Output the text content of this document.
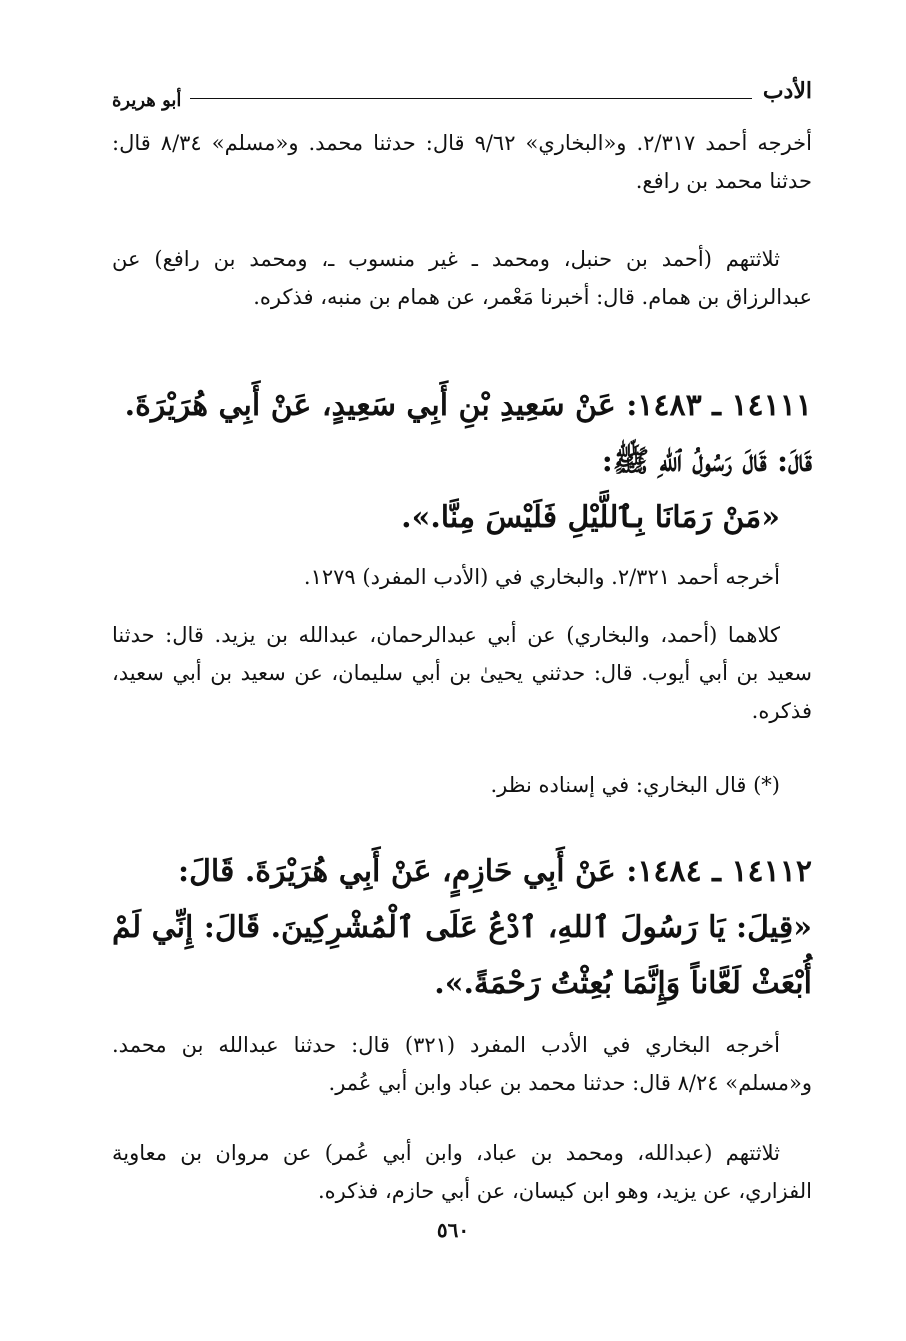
الأدب
أبو هريرة

أخرجه أحمد ٢/٣١٧. و«البخاري» ٩/٦٢ قال: حدثنا محمد. و«مسلم» ٨/٣٤ قال: حدثنا محمد بن رافع.

ثلاثتهم (أحمد بن حنبل، ومحمد ـ غير منسوب ـ، ومحمد بن رافع) عن عبدالرزاق بن همام. قال: أخبرنا مَعْمر، عن همام بن منبه، فذكره.

١٤١١١ ـ ١٤٨٣: عَنْ سَعِيدِ بْنِ أَبِي سَعِيدٍ، عَنْ أَبِي هُرَيْرَةَ.
قَالَ: قَالَ رَسُولُ ٱللهِ ﷺ:
«مَنْ رَمَانَا بِٱللَّيْلِ فَلَيْسَ مِنَّا.».

أخرجه أحمد ٢/٣٢١. والبخاري في (الأدب المفرد) ١٢٧٩.

كلاهما (أحمد، والبخاري) عن أبي عبدالرحمان، عبدالله بن يزيد. قال: حدثنا سعيد بن أبي أيوب. قال: حدثني يحيىٰ بن أبي سليمان، عن سعيد بن أبي سعيد، فذكره.

(*) قال البخاري: في إسناده نظر.

١٤١١٢ ـ ١٤٨٤: عَنْ أَبِي حَازِمٍ، عَنْ أَبِي هُرَيْرَةَ. قَالَ:
«قِيلَ: يَا رَسُولَ ٱللهِ، ٱدْعُ عَلَى ٱلْمُشْرِكِينَ. قَالَ: إِنِّي لَمْ أُبْعَثْ لَعَّاناً وَإِنَّمَا بُعِثْتُ رَحْمَةً.».

أخرجه البخاري في الأدب المفرد (٣٢١) قال: حدثنا عبدالله بن محمد. و«مسلم» ٨/٢٤ قال: حدثنا محمد بن عباد وابن أبي عُمر.

ثلاثتهم (عبدالله، ومحمد بن عباد، وابن أبي عُمر) عن مروان بن معاوية الفزاري، عن يزيد، وهو ابن كيسان، عن أبي حازم، فذكره.

٥٦٠
